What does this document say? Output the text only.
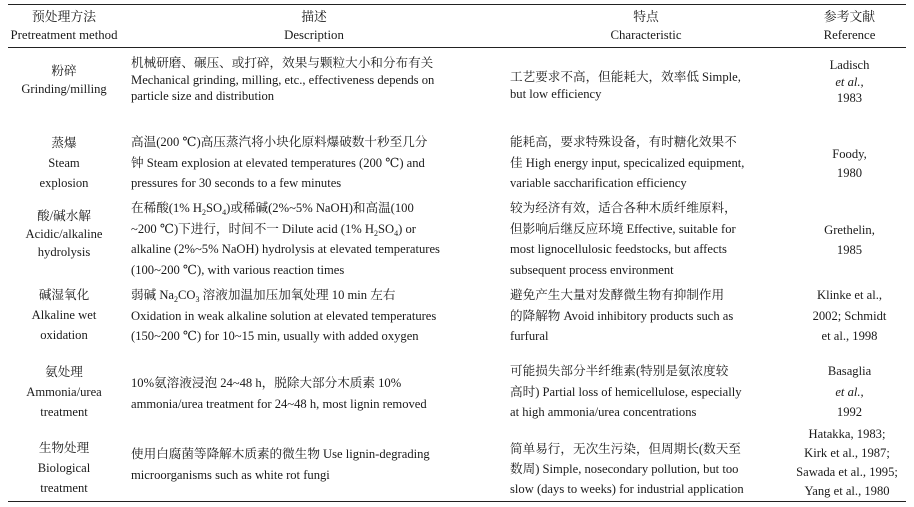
预处理方法
Pretreatment method
描述
Description
特点
Characteristic
参考文献
Reference
粉碎
Grinding/milling
机械研磨、碾压、或打碎，效果与颗粒大小和分布有关
Mechanical grinding, milling, etc., effectiveness depends on
particle size and distribution
工艺要求不高，但能耗大，效率低 Simple,
but low efficiency
Ladisch
et al.,
1983
蒸爆
Steam
explosion
高温(200 ℃)高压蒸汽将小块化原料爆破数十秒至几分
钟 Steam explosion at elevated temperatures (200 ℃) and
pressures for 30 seconds to a few minutes
能耗高，要求特殊设备，有时糖化效果不
佳 High energy input, specicalized equipment,
variable saccharification efficiency
Foody,
1980
酸/碱水解
Acidic/alkaline
hydrolysis
在稀酸(1% $H_2SO_4$)或稀碱(2%~5% NaOH)和高温(100
~200 ℃)下进行，时间不一 Dilute acid (1% $H_2SO_4$) or
alkaline (2%~5% NaOH) hydrolysis at elevated temperatures
(100~200 ℃), with various reaction times
较为经济有效，适合各种木质纤维原料，
但影响后继反应环境 Effective, suitable for
most lignocellulosic feedstocks, but affects
subsequent process environment
Grethelin,
1985
碱湿氧化
Alkaline wet
oxidation
弱碱 $Na_2CO_3$ 溶液加温加压加氧处理 10 min 左右
Oxidation in weak alkaline solution at elevated temperatures
(150~200 ℃) for 10~15 min, usually with added oxygen
避免产生大量对发酵微生物有抑制作用
的降解物 Avoid inhibitory products such as
furfural
Klinke et al.,
2002; Schmidt
et al., 1998
氨处理
Ammonia/urea
treatment
10%氨溶液浸泡 24~48 h，脱除大部分木质素 10%
ammonia/urea treatment for 24~48 h, most lignin removed
可能损失部分半纤维素(特别是氨浓度较
高时) Partial loss of hemicellulose, especially
at high ammonia/urea concentrations
Basaglia
et al.,
1992
生物处理
Biological
treatment
使用白腐菌等降解木质素的微生物 Use lignin-degrading
microorganisms such as white rot fungi
简单易行，无次生污染，但周期长(数天至
数周) Simple, nosecondary pollution, but too
slow (days to weeks) for industrial application
Hatakka, 1983;
Kirk et al., 1987;
Sawada et al., 1995;
Yang et al., 1980
